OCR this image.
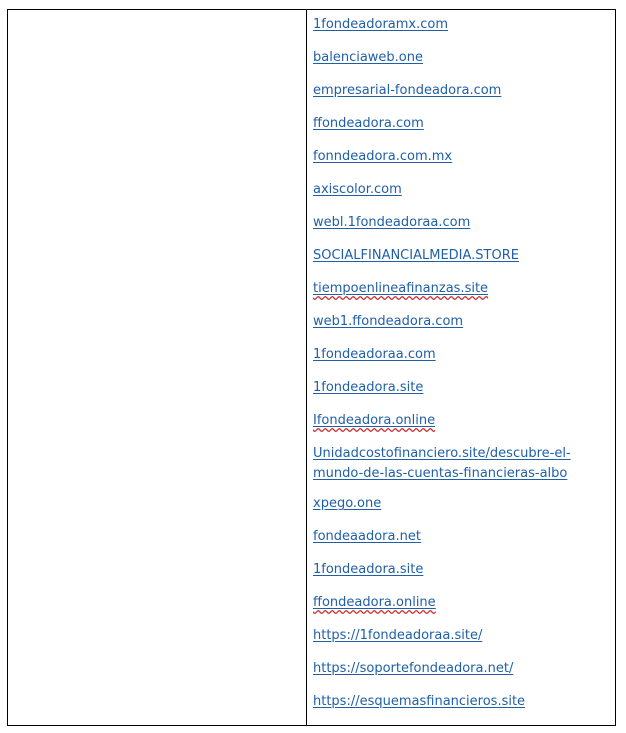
1fondeadoramx.com
balenciaweb.one
empresarial-fondeadora.com
ffondeadora.com
fonndeadora.com.mx
axiscolor.com
webl.1fondeadoraa.com
SOCIALFINANCIALMEDIA.STORE
tiempoenlineafinanzas.site
web1.ffondeadora.com
1fondeadoraa.com
1fondeadora.site
Ifondeadora.online
Unidadcostofinanciero.site/descubre-el-mundo-de-las-cuentas-financieras-albo
xpego.one
fondeaadora.net
1fondeadora.site
ffondeadora.online
https://1fondeadoraa.site/
https://soportefondeadora.net/
https://esquemasfinancieros.site
